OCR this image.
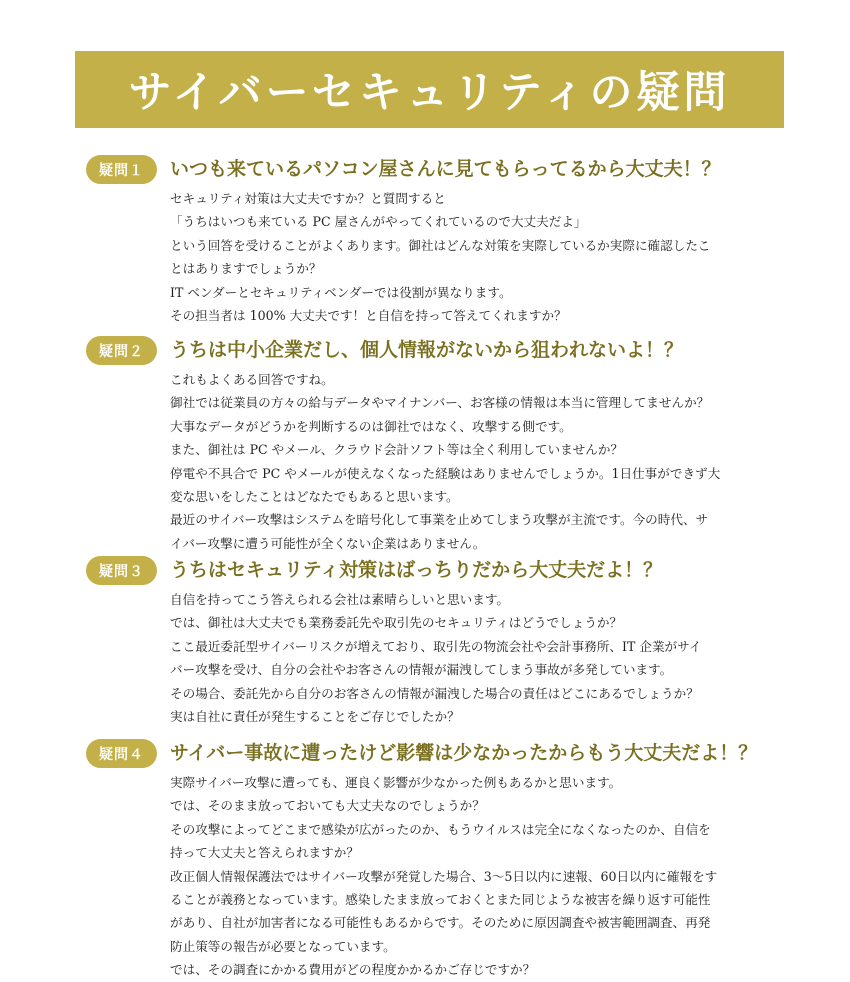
サイバーセキュリティの疑問
疑問１	いつも来ているパソコン屋さんに見てもらってるから大丈夫！？
セキュリティ対策は大丈夫ですか？と質問すると
「うちはいつも来ている PC 屋さんがやってくれているので大丈夫だよ」
という回答を受けることがよくあります。御社はどんな対策を実際しているか実際に確認したこ
とはありますでしょうか？
IT ベンダーとセキュリティベンダーでは役割が異なります。
その担当者は 100% 大丈夫です！と自信を持って答えてくれますか？
疑問２	うちは中小企業だし、個人情報がないから狙われないよ！？
これもよくある回答ですね。
御社では従業員の方々の給与データやマイナンバー、お客様の情報は本当に管理してませんか？
大事なデータがどうかを判断するのは御社ではなく、攻撃する側です。
また、御社は PC やメール、クラウド会計ソフト等は全く利用していませんか？
停電や不具合で PC やメールが使えなくなった経験はありませんでしょうか。1日仕事ができず大
変な思いをしたことはどなたでもあると思います。
最近のサイバー攻撃はシステムを暗号化して事業を止めてしまう攻撃が主流です。今の時代、サ
イバー攻撃に遭う可能性が全くない企業はありません。
疑問３	うちはセキュリティ対策はばっちりだから大丈夫だよ！？
自信を持ってこう答えられる会社は素晴らしいと思います。
では、御社は大丈夫でも業務委託先や取引先のセキュリティはどうでしょうか？
ここ最近委託型サイバーリスクが増えており、取引先の物流会社や会計事務所、IT 企業がサイ
バー攻撃を受け、自分の会社やお客さんの情報が漏洩してしまう事故が多発しています。
その場合、委託先から自分のお客さんの情報が漏洩した場合の責任はどこにあるでしょうか？
実は自社に責任が発生することをご存じでしたか？
疑問４	サイバー事故に遭ったけど影響は少なかったからもう大丈夫だよ！？
実際サイバー攻撃に遭っても、運良く影響が少なかった例もあるかと思います。
では、そのまま放っておいても大丈夫なのでしょうか？
その攻撃によってどこまで感染が広がったのか、もうウイルスは完全になくなったのか、自信を
持って大丈夫と答えられますか？
改正個人情報保護法ではサイバー攻撃が発覚した場合、3〜5日以内に速報、60日以内に確報をす
ることが義務となっています。感染したまま放っておくとまた同じような被害を繰り返す可能性
があり、自社が加害者になる可能性もあるからです。そのために原因調査や被害範囲調査、再発
防止策等の報告が必要となっています。
では、その調査にかかる費用がどの程度かかるかご存じですか？
